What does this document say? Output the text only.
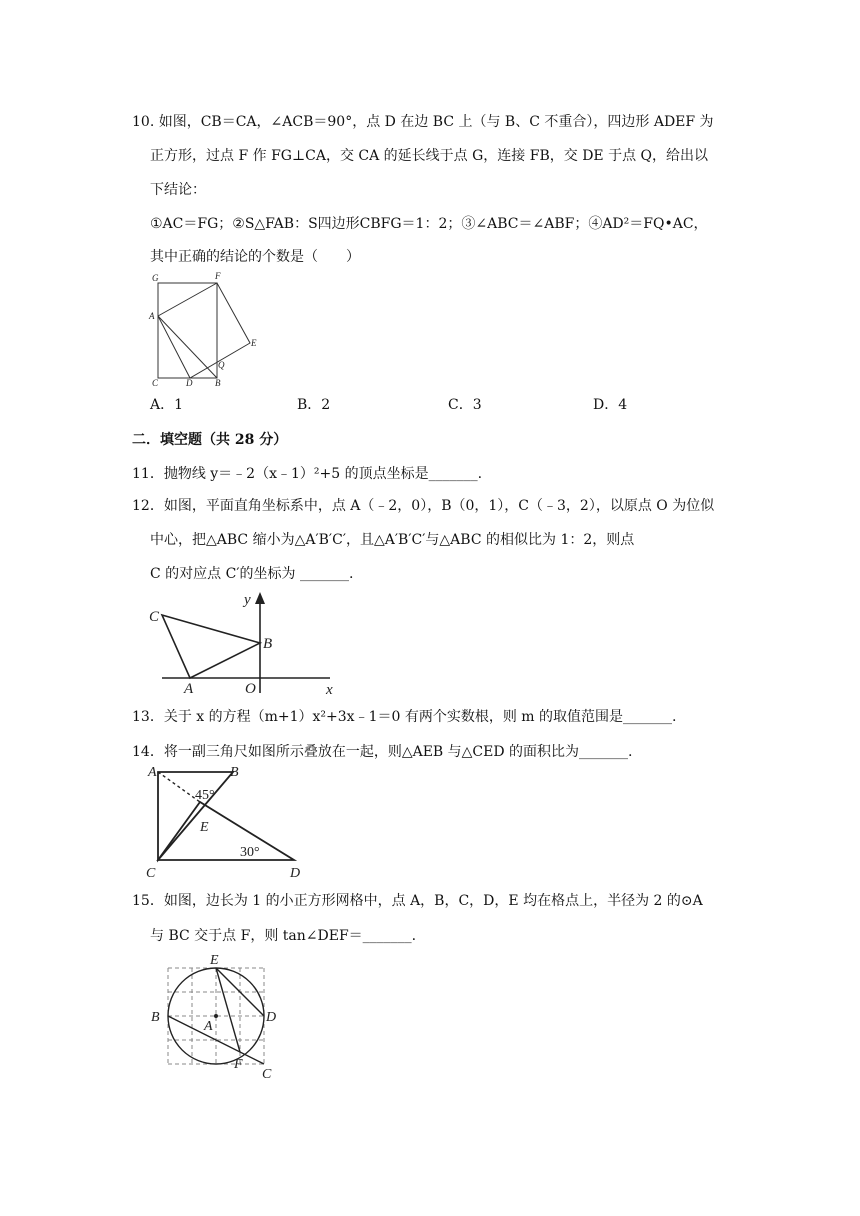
10. 如图，CB＝CA，∠ACB＝90°，点 D 在边 BC 上（与 B、C 不重合），四边形 ADEF 为
正方形，过点 F 作 FG⊥CA，交 CA 的延长线于点 G，连接 FB，交 DE 于点 Q，给出以
下结论：
①AC＝FG；②S△FAB：S四边形CBFG＝1：2；③∠ABC＝∠ABF；④AD²＝FQ•AC，
其中正确的结论的个数是（　　）
G	F
A
E
Q
C	D	B
A．1	B．2	C．3	D．4
二．填空题（共 28 分）
11．抛物线 y＝﹣2（x﹣1）²+5 的顶点坐标是_______.
12．如图，平面直角坐标系中，点 A（﹣2，0），B（0，1），C（﹣3，2），以原点 O 为位似
中心，把△ABC 缩小为△A′B′C′，且△A′B′C′与△ABC 的相似比为 1：2，则点
C 的对应点 C′的坐标为 _______.
y
C
B
A	O	x
13．关于 x 的方程（m+1）x²+3x﹣1＝0 有两个实数根，则 m 的取值范围是_______.
14．将一副三角尺如图所示叠放在一起，则△AEB 与△CED 的面积比为_______.
A	B
45°
E
30°
C	D
15．如图，边长为 1 的小正方形网格中，点 A，B，C，D，E 均在格点上，半径为 2 的⊙A
与 BC 交于点 F，则 tan∠DEF＝_______.
E
B
A
D
F
C
